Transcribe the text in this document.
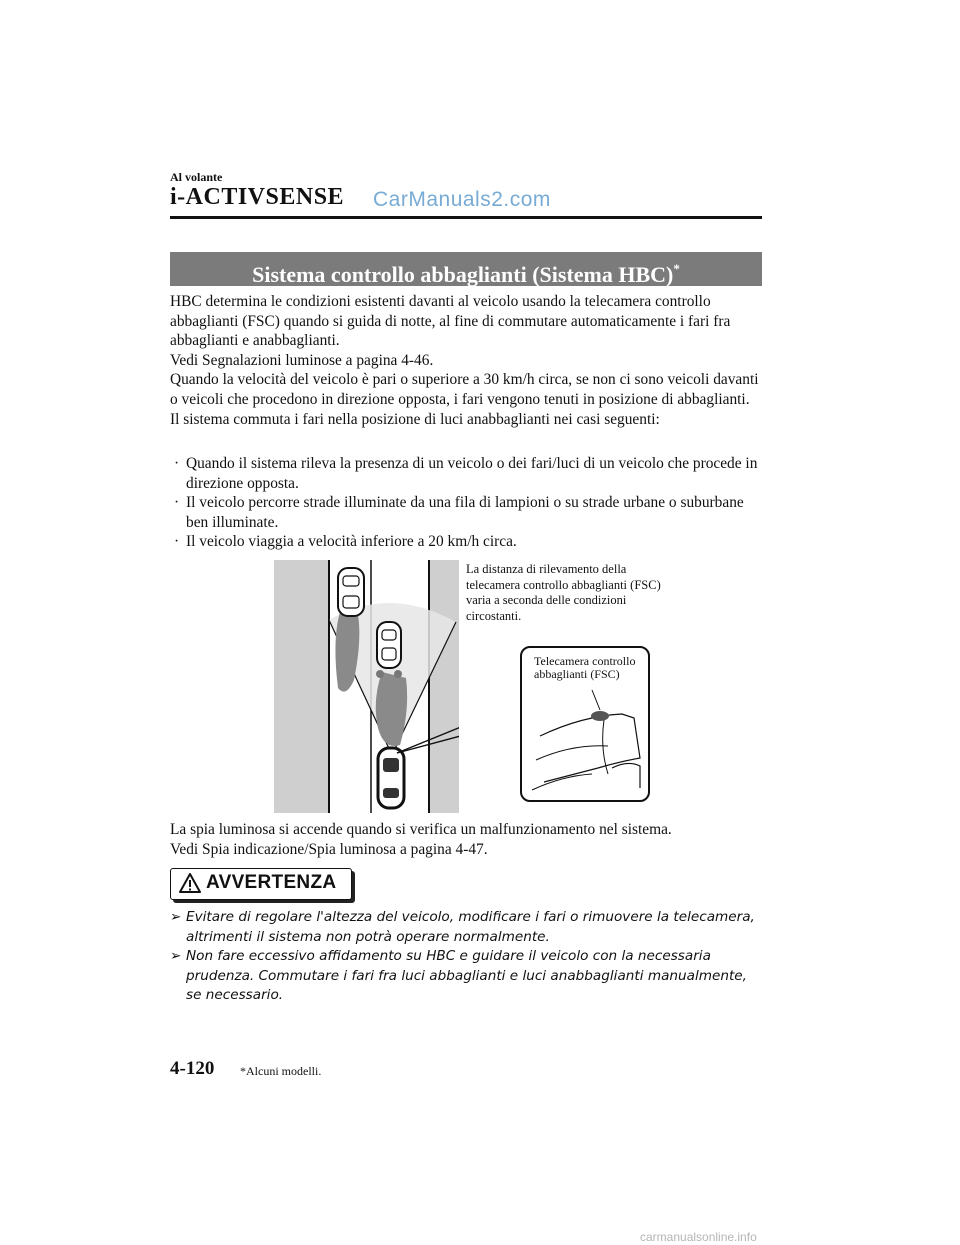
CarManuals2.com
Al volante
i-ACTIVSENSE
Sistema controllo abbaglianti (Sistema HBC)*

HBC determina le condizioni esistenti davanti al veicolo usando la telecamera controllo abbaglianti (FSC) quando si guida di notte, al fine di commutare automaticamente i fari fra abbaglianti e anabbaglianti.

Vedi Segnalazioni luminose a pagina 4-46.

Quando la velocità del veicolo è pari o superiore a 30 km/h circa, se non ci sono veicoli davanti o veicoli che procedono in direzione opposta, i fari vengono tenuti in posizione di abbaglianti.

Il sistema commuta i fari nella posizione di luci anabbaglianti nei casi seguenti:

· Quando il sistema rileva la presenza di un veicolo o dei fari/luci di un veicolo che procede in direzione opposta.
· Il veicolo percorre strade illuminate da una fila di lampioni o su strade urbane o suburbane ben illuminate.
· Il veicolo viaggia a velocità inferiore a 20 km/h circa.
La distanza di rilevamento della telecamera controllo abbaglianti (FSC) varia a seconda delle condizioni circostanti.
Telecamera controllo abbaglianti (FSC)

La spia luminosa si accende quando si verifica un malfunzionamento nel sistema.

Vedi Spia indicazione/Spia luminosa a pagina 4-47.

AVVERTENZA
➢ Evitare di regolare l'altezza del veicolo, modificare i fari o rimuovere la telecamera, altrimenti il sistema non potrà operare normalmente.
➢ Non fare eccessivo affidamento su HBC e guidare il veicolo con la necessaria prudenza. Commutare i fari fra luci abbaglianti e luci anabbaglianti manualmente, se necessario.
4-120 *Alcuni modelli.
carmanualsonline.info
